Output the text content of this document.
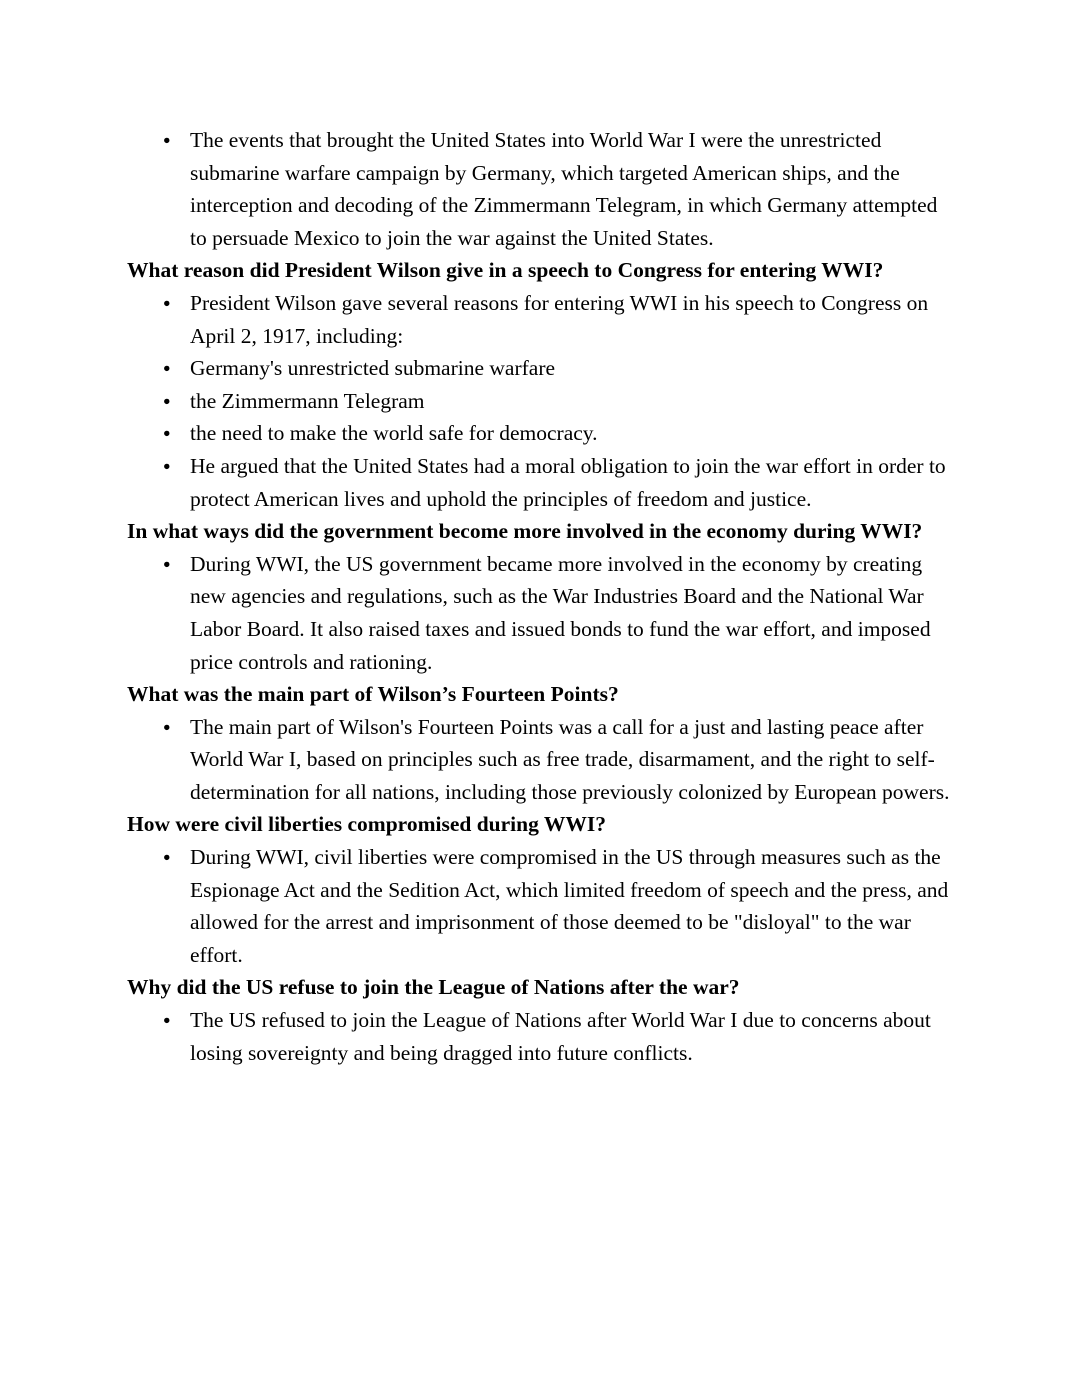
● The events that brought the United States into World War I were the unrestricted submarine warfare campaign by Germany, which targeted American ships, and the interception and decoding of the Zimmermann Telegram, in which Germany attempted to persuade Mexico to join the war against the United States.
What reason did President Wilson give in a speech to Congress for entering WWI?
● President Wilson gave several reasons for entering WWI in his speech to Congress on April 2, 1917, including:
● Germany's unrestricted submarine warfare
● the Zimmermann Telegram
● the need to make the world safe for democracy.
● He argued that the United States had a moral obligation to join the war effort in order to protect American lives and uphold the principles of freedom and justice.
In what ways did the government become more involved in the economy during WWI?
● During WWI, the US government became more involved in the economy by creating new agencies and regulations, such as the War Industries Board and the National War Labor Board. It also raised taxes and issued bonds to fund the war effort, and imposed price controls and rationing.
What was the main part of Wilson’s Fourteen Points?
● The main part of Wilson's Fourteen Points was a call for a just and lasting peace after World War I, based on principles such as free trade, disarmament, and the right to self-determination for all nations, including those previously colonized by European powers.
How were civil liberties compromised during WWI?
● During WWI, civil liberties were compromised in the US through measures such as the Espionage Act and the Sedition Act, which limited freedom of speech and the press, and allowed for the arrest and imprisonment of those deemed to be "disloyal" to the war effort.
Why did the US refuse to join the League of Nations after the war?
● The US refused to join the League of Nations after World War I due to concerns about losing sovereignty and being dragged into future conflicts.
